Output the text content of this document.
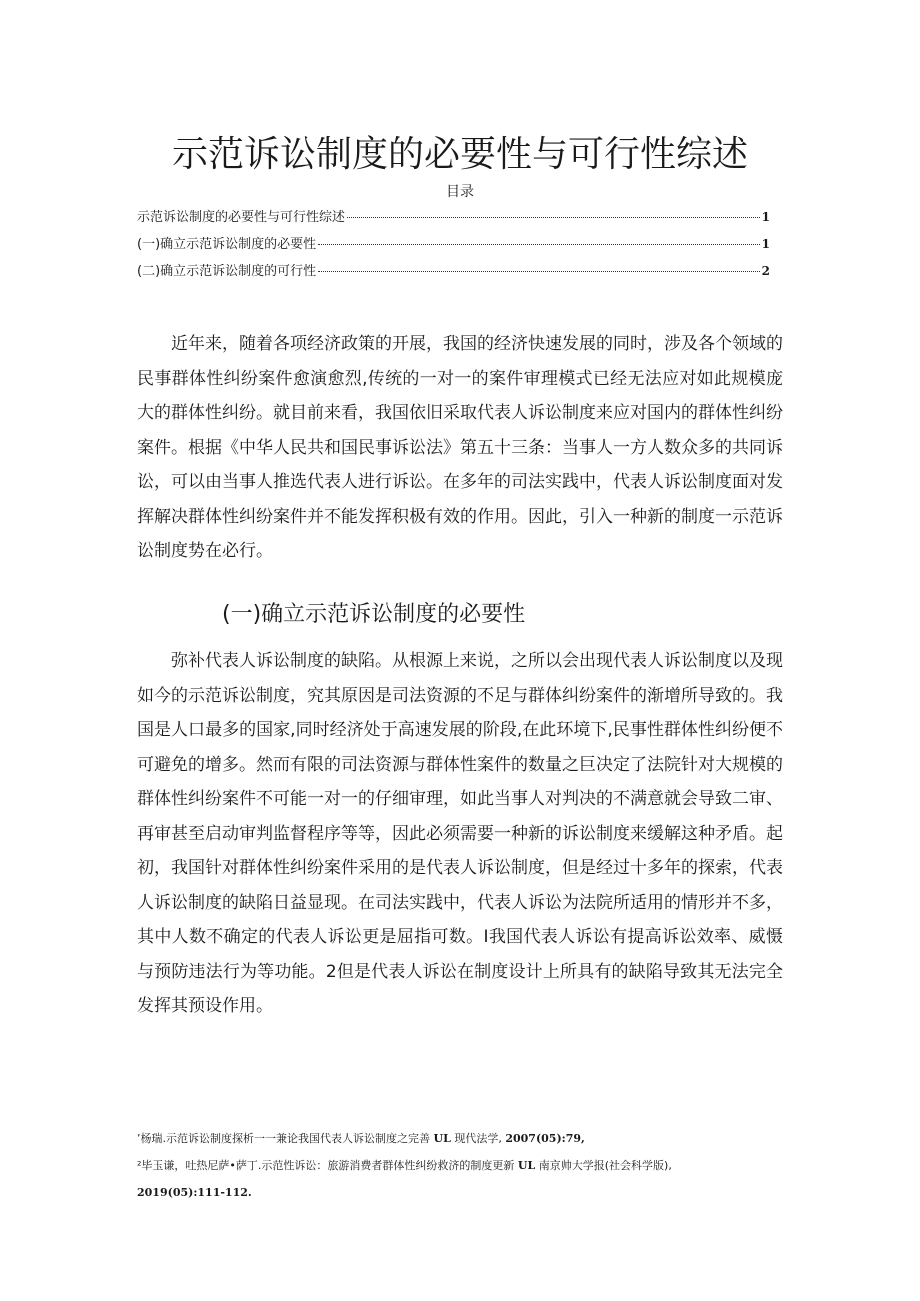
示范诉讼制度的必要性与可行性综述
目录
示范诉讼制度的必要性与可行性综述	1
(一)确立示范诉讼制度的必要性	1
(二)确立示范诉讼制度的可行性	2

近年来，随着各项经济政策的开展，我国的经济快速发展的同时，涉及各个领域的民事群体性纠纷案件愈演愈烈,传统的一对一的案件审理模式已经无法应对如此规模庞大的群体性纠纷。就目前来看，我国依旧采取代表人诉讼制度来应对国内的群体性纠纷案件。根据《中华人民共和国民事诉讼法》第五十三条：当事人一方人数众多的共同诉讼，可以由当事人推选代表人进行诉讼。在多年的司法实践中，代表人诉讼制度面对发挥解决群体性纠纷案件并不能发挥积极有效的作用。因此，引入一种新的制度一示范诉讼制度势在必行。

(一)确立示范诉讼制度的必要性

弥补代表人诉讼制度的缺陷。从根源上来说，之所以会出现代表人诉讼制度以及现如今的示范诉讼制度，究其原因是司法资源的不足与群体纠纷案件的渐增所导致的。我国是人口最多的国家,同时经济处于高速发展的阶段,在此环境下,民事性群体性纠纷便不可避免的增多。然而有限的司法资源与群体性案件的数量之巨决定了法院针对大规模的群体性纠纷案件不可能一对一的仔细审理，如此当事人对判决的不满意就会导致二审、再审甚至启动审判监督程序等等，因此必须需要一种新的诉讼制度来缓解这种矛盾。起初，我国针对群体性纠纷案件采用的是代表人诉讼制度，但是经过十多年的探索，代表人诉讼制度的缺陷日益显现。在司法实践中，代表人诉讼为法院所适用的情形并不多，其中人数不确定的代表人诉讼更是屈指可数。I我国代表人诉讼有提高诉讼效率、威慑与预防违法行为等功能。2但是代表人诉讼在制度设计上所具有的缺陷导致其无法完全发挥其预设作用。

’杨瑞.示范诉讼制度探析一一兼论我国代表人诉讼制度之完善 UL 现代法学, 2007(05):79,

²毕玉谦，吐热尼萨•萨丁.示范性诉讼：旅游消费者群体性纠纷救济的制度更新 UL 南京帅大学报(社会科学版),

2019(05):111-112.
